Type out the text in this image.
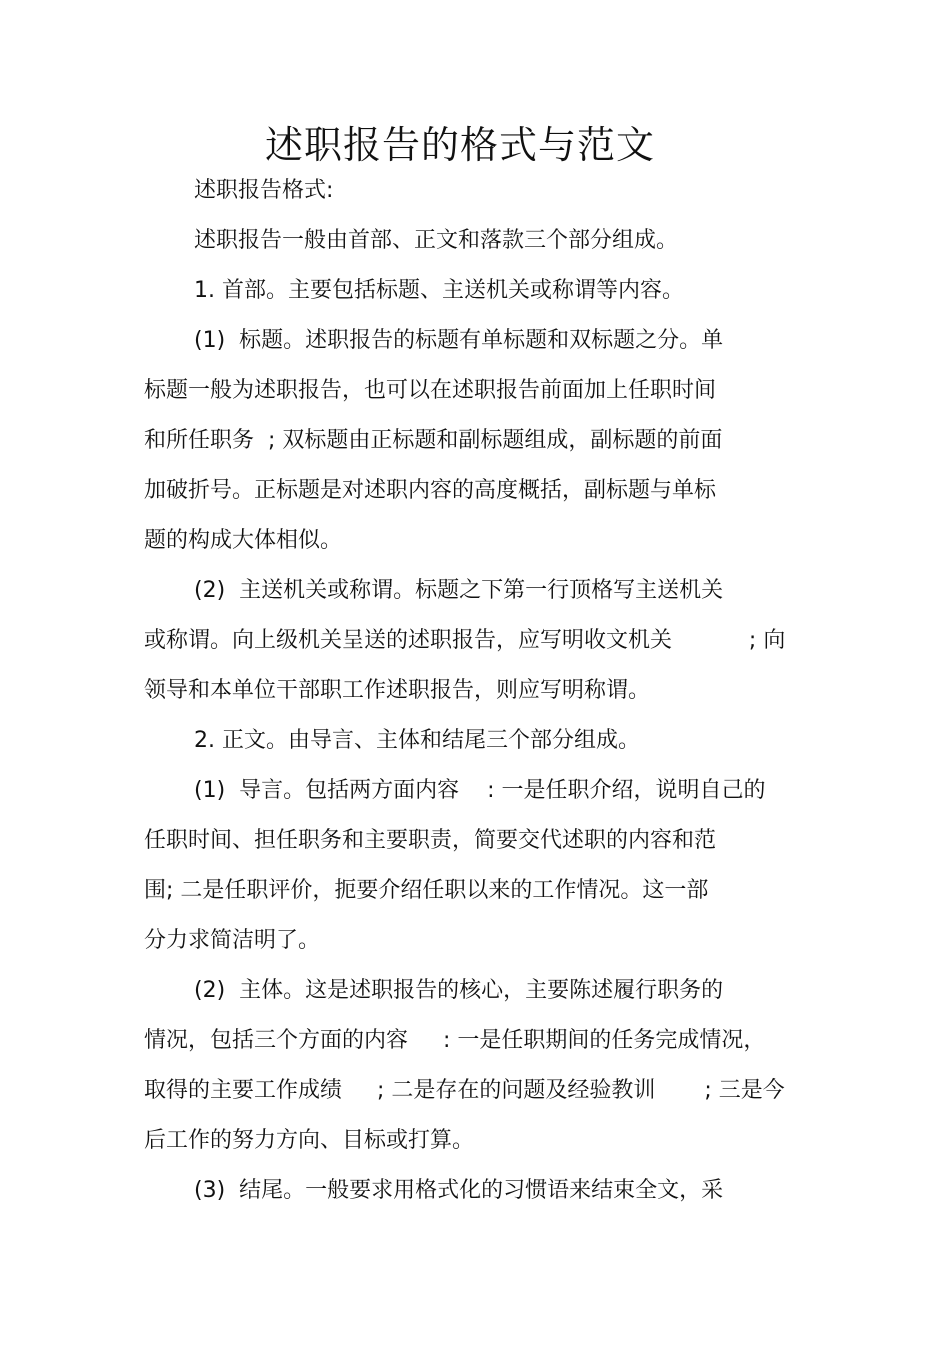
述职报告的格式与范文
述职报告格式:
述职报告一般由首部、正文和落款三个部分组成。
1. 首部。主要包括标题、主送机关或称谓等内容。
(1)  标题。述职报告的标题有单标题和双标题之分。单
标题一般为述职报告，也可以在述职报告前面加上任职时间
和所任职务  ; 双标题由正标题和副标题组成，副标题的前面
加破折号。正标题是对述职内容的高度概括，副标题与单标
题的构成大体相似。
(2)  主送机关或称谓。标题之下第一行顶格写主送机关
或称谓。向上级机关呈送的述职报告，应写明收文机关           ; 向
领导和本单位干部职工作述职报告，则应写明称谓。
2. 正文。由导言、主体和结尾三个部分组成。
(1)  导言。包括两方面内容    : 一是任职介绍，说明自己的
任职时间、担任职务和主要职责，简要交代述职的内容和范
围; 二是任职评价，扼要介绍任职以来的工作情况。这一部
分力求简洁明了。
(2)  主体。这是述职报告的核心，主要陈述履行职务的
情况，包括三个方面的内容     : 一是任职期间的任务完成情况，
取得的主要工作成绩     ; 二是存在的问题及经验教训       ; 三是今
后工作的努力方向、目标或打算。
(3)  结尾。一般要求用格式化的习惯语来结束全文，采
